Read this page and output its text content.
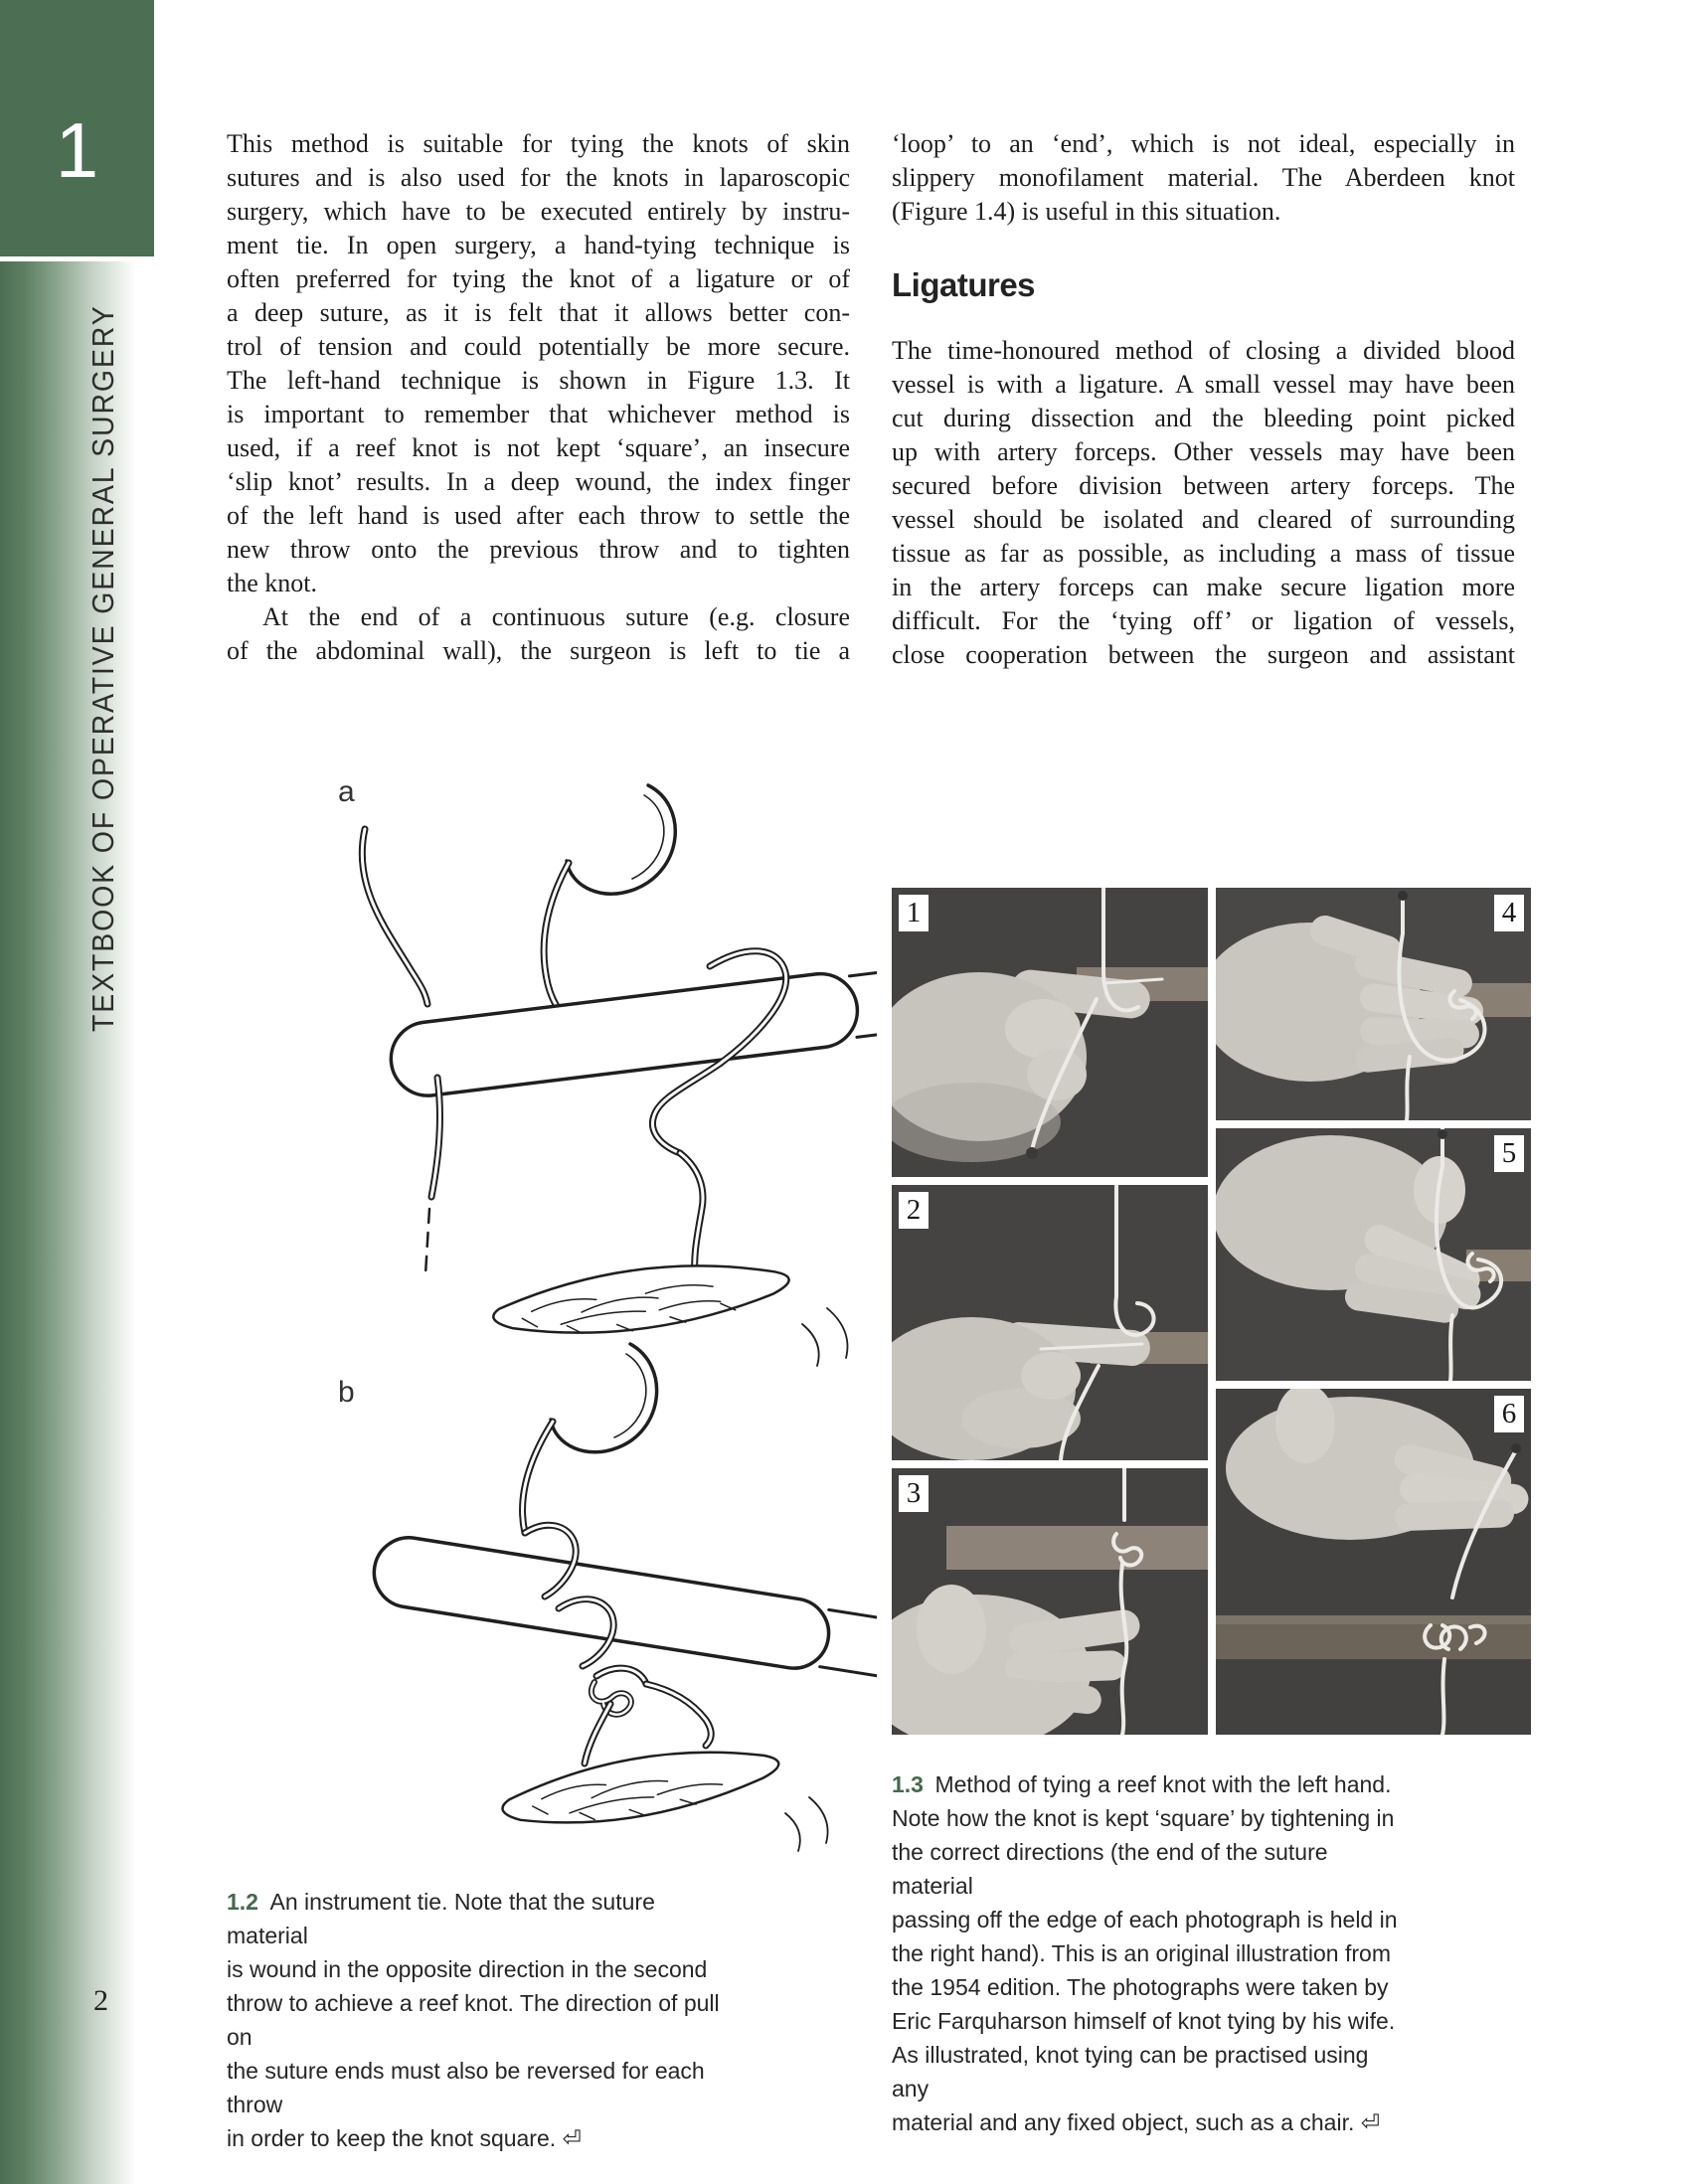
1
TEXTBOOK OF OPERATIVE GENERAL SURGERY
2
This method is suitable for tying the knots of skin
sutures and is also used for the knots in laparoscopic
surgery, which have to be executed entirely by instru-
ment tie. In open surgery, a hand-tying technique is
often preferred for tying the knot of a ligature or of
a deep suture, as it is felt that it allows better con-
trol of tension and could potentially be more secure.
The left-hand technique is shown in Figure 1.3. It
is important to remember that whichever method is
used, if a reef knot is not kept ‘square’, an insecure
‘slip knot’ results. In a deep wound, the index finger
of the left hand is used after each throw to settle the
new throw onto the previous throw and to tighten
the knot.
At the end of a continuous suture (e.g. closure
of the abdominal wall), the surgeon is left to tie a
‘loop’ to an ‘end’, which is not ideal, especially in
slippery monofilament material. The Aberdeen knot
(Figure 1.4) is useful in this situation.
Ligatures
The time-honoured method of closing a divided blood
vessel is with a ligature. A small vessel may have been
cut during dissection and the bleeding point picked
up with artery forceps. Other vessels may have been
secured before division between artery forceps. The
vessel should be isolated and cleared of surrounding
tissue as far as possible, as including a mass of tissue
in the artery forceps can make secure ligation more
difficult. For the ‘tying off’ or ligation of vessels,
close cooperation between the surgeon and assistant
a
b
1
2
3
4
5
6
1.2 An instrument tie. Note that the suture material
is wound in the opposite direction in the second
throw to achieve a reef knot. The direction of pull on
the suture ends must also be reversed for each throw
in order to keep the knot square. ⏎
1.3 Method of tying a reef knot with the left hand.
Note how the knot is kept ‘square’ by tightening in
the correct directions (the end of the suture material
passing off the edge of each photograph is held in
the right hand). This is an original illustration from
the 1954 edition. The photographs were taken by
Eric Farquharson himself of knot tying by his wife.
As illustrated, knot tying can be practised using any
material and any fixed object, such as a chair. ⏎
